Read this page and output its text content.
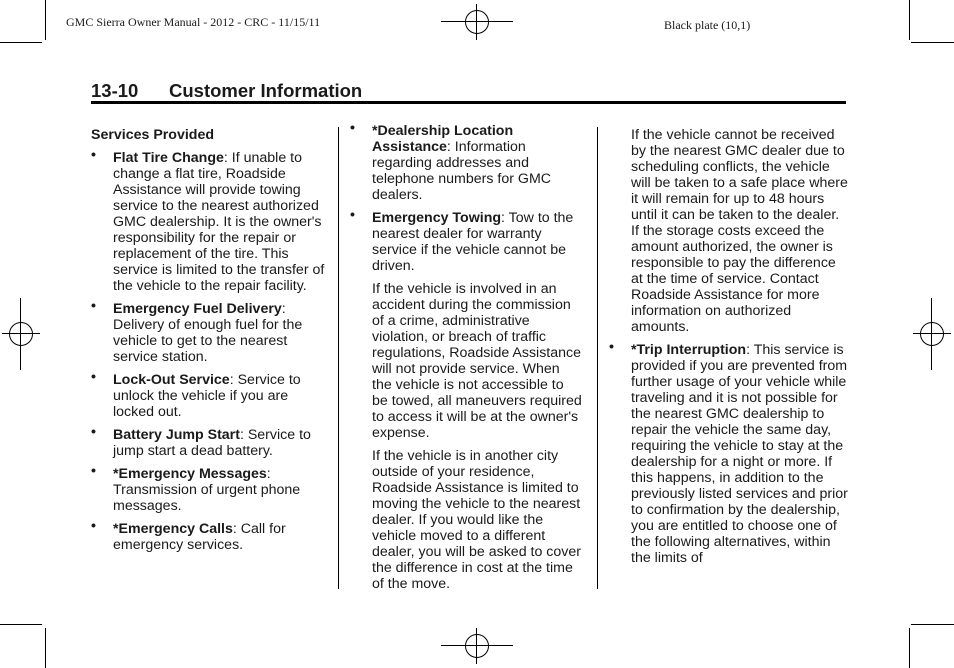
GMC Sierra Owner Manual - 2012 - CRC - 11/15/11	Black plate (10,1)
13-10 Customer Information

Services Provided

• Flat Tire Change: If unable to change a flat tire, Roadside Assistance will provide towing service to the nearest authorized GMC dealership. It is the owner's responsibility for the repair or replacement of the tire. This service is limited to the transfer of the vehicle to the repair facility.

• Emergency Fuel Delivery: Delivery of enough fuel for the vehicle to get to the nearest service station.

• Lock-Out Service: Service to unlock the vehicle if you are locked out.

• Battery Jump Start: Service to jump start a dead battery.

• *Emergency Messages: Transmission of urgent phone messages.

• *Emergency Calls: Call for emergency services.

• *Dealership Location Assistance: Information regarding addresses and telephone numbers for GMC dealers.

• Emergency Towing: Tow to the nearest dealer for warranty service if the vehicle cannot be driven.

If the vehicle is involved in an accident during the commission of a crime, administrative violation, or breach of traffic regulations, Roadside Assistance will not provide service. When the vehicle is not accessible to be towed, all maneuvers required to access it will be at the owner's expense.

If the vehicle is in another city outside of your residence, Roadside Assistance is limited to moving the vehicle to the nearest dealer. If you would like the vehicle moved to a different dealer, you will be asked to cover the difference in cost at the time of the move.

If the vehicle cannot be received by the nearest GMC dealer due to scheduling conflicts, the vehicle will be taken to a safe place where it will remain for up to 48 hours until it can be taken to the dealer. If the storage costs exceed the amount authorized, the owner is responsible to pay the difference at the time of service. Contact Roadside Assistance for more information on authorized amounts.

• *Trip Interruption: This service is provided if you are prevented from further usage of your vehicle while traveling and it is not possible for the nearest GMC dealership to repair the vehicle the same day, requiring the vehicle to stay at the dealership for a night or more. If this happens, in addition to the previously listed services and prior to confirmation by the dealership, you are entitled to choose one of the following alternatives, within the limits of
